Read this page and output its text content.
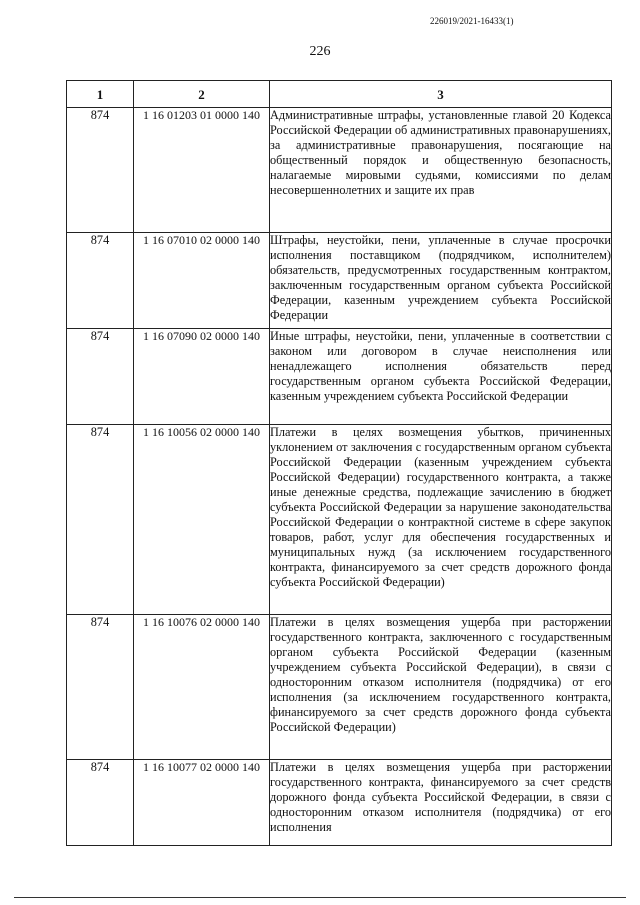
226019/2021-16433(1)
226
1	2	3
874	1 16 01203 01 0000 140	Административные штрафы, установленные главой 20 Кодекса Российской Федерации об административных правонарушениях, за административные правонарушения, посягающие на общественный порядок и общественную безопасность, налагаемые мировыми судьями, комиссиями по делам несовершеннолетних и защите их прав
874	1 16 07010 02 0000 140	Штрафы, неустойки, пени, уплаченные в случае просрочки исполнения поставщиком (подрядчиком, исполнителем) обязательств, предусмотренных государственным контрактом, заключенным государственным органом субъекта Российской Федерации, казенным учреждением субъекта Российской Федерации
874	1 16 07090 02 0000 140	Иные штрафы, неустойки, пени, уплаченные в соответствии с законом или договором в случае неисполнения или ненадлежащего исполнения обязательств перед государственным органом субъекта Российской Федерации, казенным учреждением субъекта Российской Федерации
874	1 16 10056 02 0000 140	Платежи в целях возмещения убытков, причиненных уклонением от заключения с государственным органом субъекта Российской Федерации (казенным учреждением субъекта Российской Федерации) государственного контракта, а также иные денежные средства, подлежащие зачислению в бюджет субъекта Российской Федерации за нарушение законодательства Российской Федерации о контрактной системе в сфере закупок товаров, работ, услуг для обеспечения государственных и муниципальных нужд (за исключением государственного контракта, финансируемого за счет средств дорожного фонда субъекта Российской Федерации)
874	1 16 10076 02 0000 140	Платежи в целях возмещения ущерба при расторжении государственного контракта, заключенного с государственным органом субъекта Российской Федерации (казенным учреждением субъекта Российской Федерации), в связи с односторонним отказом исполнителя (подрядчика) от его исполнения (за исключением государственного контракта, финансируемого за счет средств дорожного фонда субъекта Российской Федерации)
874	1 16 10077 02 0000 140	Платежи в целях возмещения ущерба при расторжении государственного контракта, финансируемого за счет средств дорожного фонда субъекта Российской Федерации, в связи с односторонним отказом исполнителя (подрядчика) от его исполнения
